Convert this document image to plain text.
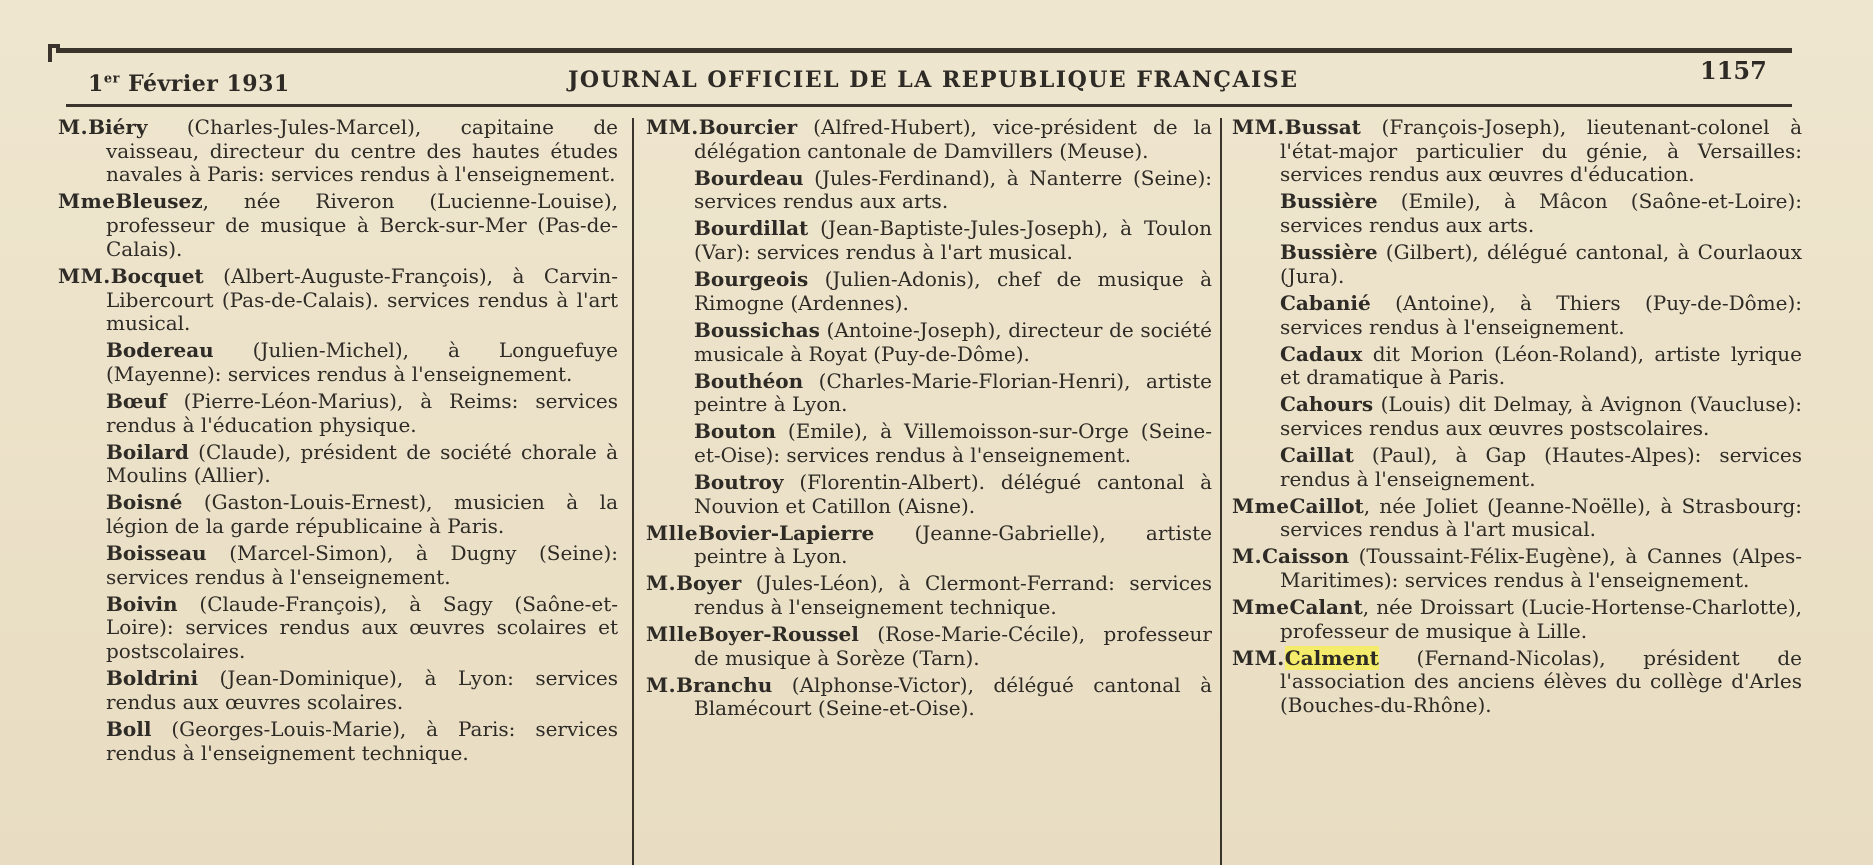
1er Février 1931	JOURNAL OFFICIEL DE LA REPUBLIQUE FRANÇAISE	1157

M.Biéry (Charles-Jules-Marcel), capitaine de vaisseau, directeur du centre des hautes études navales à Paris: services rendus à l'enseignement.

MmeBleusez, née Riveron (Lucienne-Louise), professeur de musique à Berck-sur-Mer (Pas-de-Calais).

MM.Bocquet (Albert-Auguste-François), à Carvin-Libercourt (Pas-de-Calais). services rendus à l'art musical.

Bodereau (Julien-Michel), à Longuefuye (Mayenne): services rendus à l'enseignement.

Bœuf (Pierre-Léon-Marius), à Reims: services rendus à l'éducation physique.

Boilard (Claude), président de société chorale à Moulins (Allier).

Boisné (Gaston-Louis-Ernest), musicien à la légion de la garde républicaine à Paris.

Boisseau (Marcel-Simon), à Dugny (Seine): services rendus à l'enseignement.

Boivin (Claude-François), à Sagy (Saône-et-Loire): services rendus aux œuvres scolaires et postscolaires.

Boldrini (Jean-Dominique), à Lyon: services rendus aux œuvres scolaires.

Boll (Georges-Louis-Marie), à Paris: services rendus à l'enseignement technique.

MM.Bourcier (Alfred-Hubert), vice-président de la délégation cantonale de Damvillers (Meuse).

Bourdeau (Jules-Ferdinand), à Nanterre (Seine): services rendus aux arts.

Bourdillat (Jean-Baptiste-Jules-Joseph), à Toulon (Var): services rendus à l'art musical.

Bourgeois (Julien-Adonis), chef de musique à Rimogne (Ardennes).

Boussichas (Antoine-Joseph), directeur de société musicale à Royat (Puy-de-Dôme).

Bouthéon (Charles-Marie-Florian-Henri), artiste peintre à Lyon.

Bouton (Emile), à Villemoisson-sur-Orge (Seine-et-Oise): services rendus à l'enseignement.

Boutroy (Florentin-Albert). délégué cantonal à Nouvion et Catillon (Aisne).

MlleBovier-Lapierre (Jeanne-Gabrielle), artiste peintre à Lyon.

M.Boyer (Jules-Léon), à Clermont-Ferrand: services rendus à l'enseignement technique.

MlleBoyer-Roussel (Rose-Marie-Cécile), professeur de musique à Sorèze (Tarn).

M.Branchu (Alphonse-Victor), délégué cantonal à Blamécourt (Seine-et-Oise).

MM.Bussat (François-Joseph), lieutenant-colonel à l'état-major particulier du génie, à Versailles: services rendus aux œuvres d'éducation.

Bussière (Emile), à Mâcon (Saône-et-Loire): services rendus aux arts.

Bussière (Gilbert), délégué cantonal, à Courlaoux (Jura).

Cabanié (Antoine), à Thiers (Puy-de-Dôme): services rendus à l'enseignement.

Cadaux dit Morion (Léon-Roland), artiste lyrique et dramatique à Paris.

Cahours (Louis) dit Delmay, à Avignon (Vaucluse): services rendus aux œuvres postscolaires.

Caillat (Paul), à Gap (Hautes-Alpes): services rendus à l'enseignement.

MmeCaillot, née Joliet (Jeanne-Noëlle), à Strasbourg: services rendus à l'art musical.

M.Caisson (Toussaint-Félix-Eugène), à Cannes (Alpes-Maritimes): services rendus à l'enseignement.

MmeCalant, née Droissart (Lucie-Hortense-Charlotte), professeur de musique à Lille.

MM.Calment (Fernand-Nicolas), président de l'association des anciens élèves du collège d'Arles (Bouches-du-Rhône).
